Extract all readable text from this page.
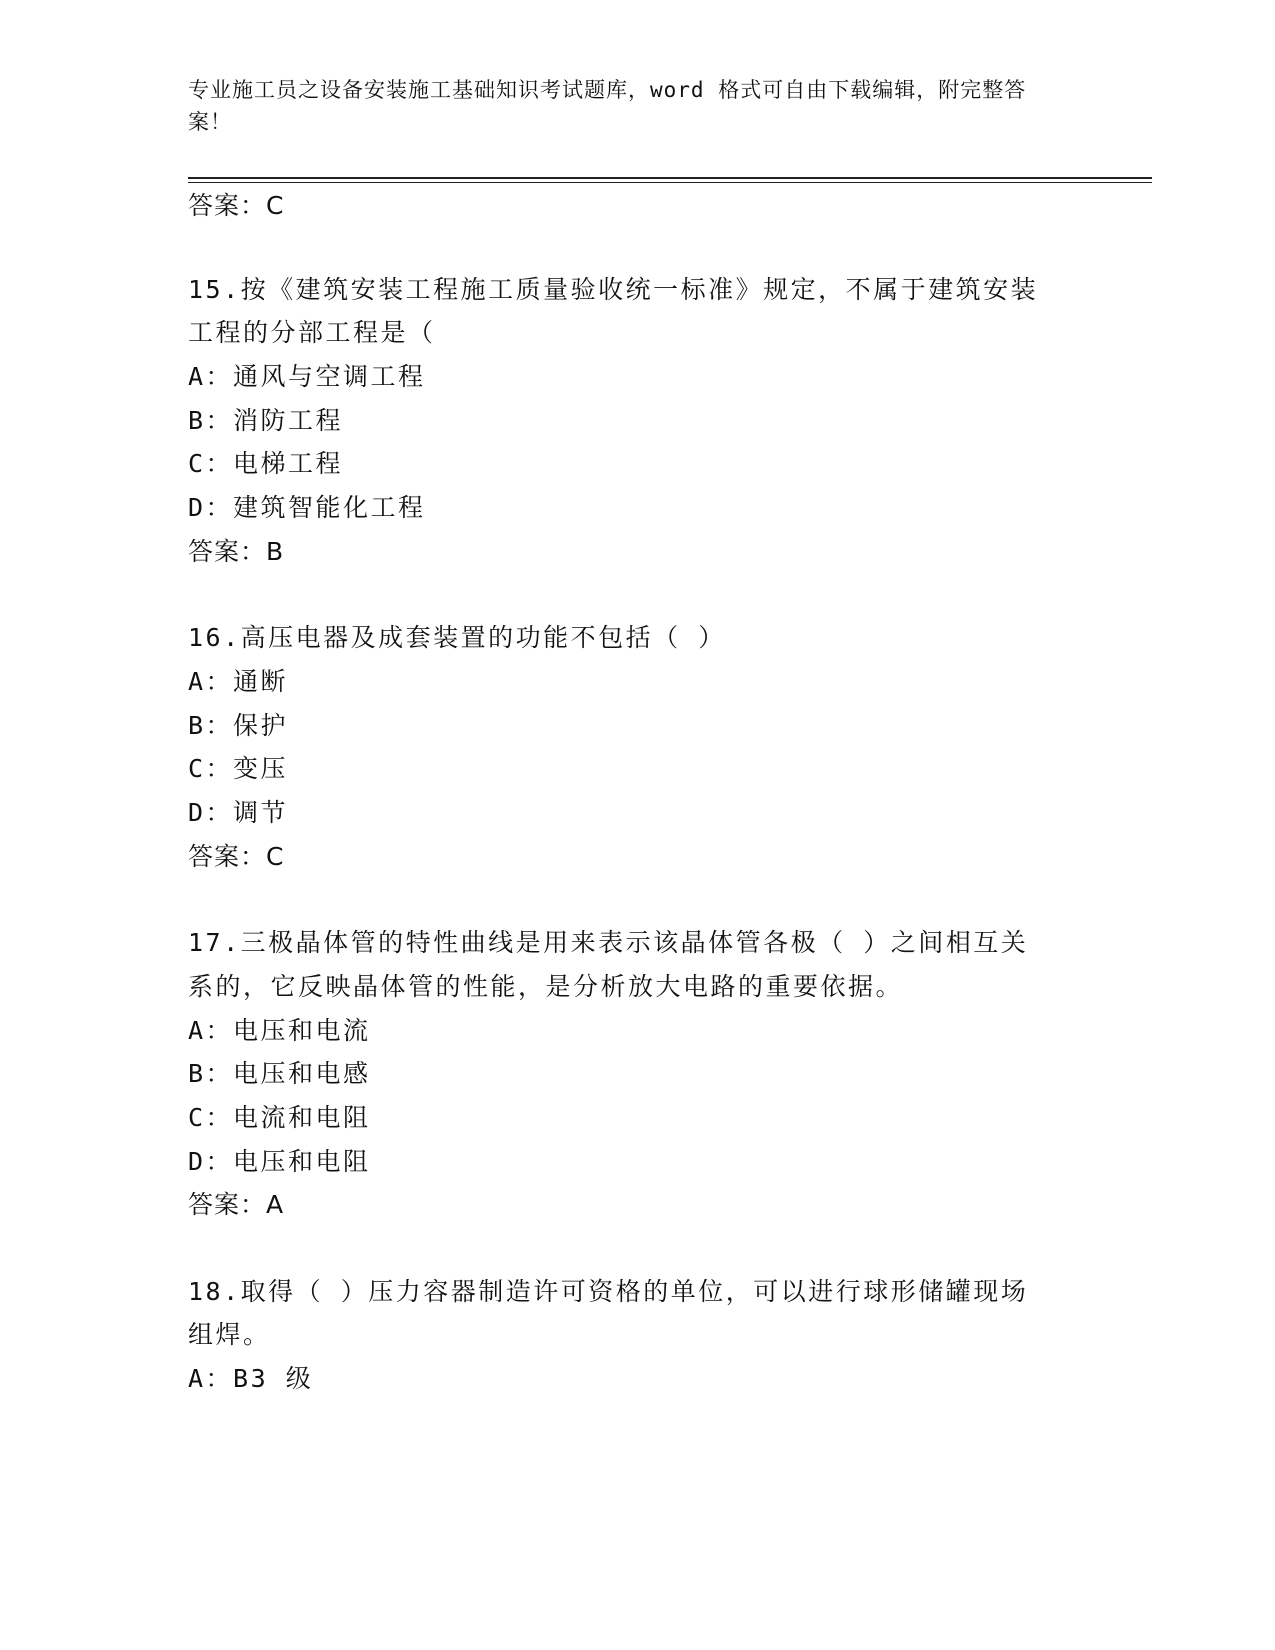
专业施工员之设备安装施工基础知识考试题库，word 格式可自由下载编辑，附完整答案！
答案：C
15.按《建筑安装工程施工质量验收统一标准》规定，不属于建筑安装
工程的分部工程是（
A：通风与空调工程
B：消防工程
C：电梯工程
D：建筑智能化工程
答案：B
16.高压电器及成套装置的功能不包括（ ）
A：通断
B：保护
C：变压
D：调节
答案：C
17.三极晶体管的特性曲线是用来表示该晶体管各极（ ）之间相互关
系的，它反映晶体管的性能，是分析放大电路的重要依据。
A：电压和电流
B：电压和电感
C：电流和电阻
D：电压和电阻
答案：A
18.取得（ ）压力容器制造许可资格的单位，可以进行球形储罐现场
组焊。
A：B3 级
